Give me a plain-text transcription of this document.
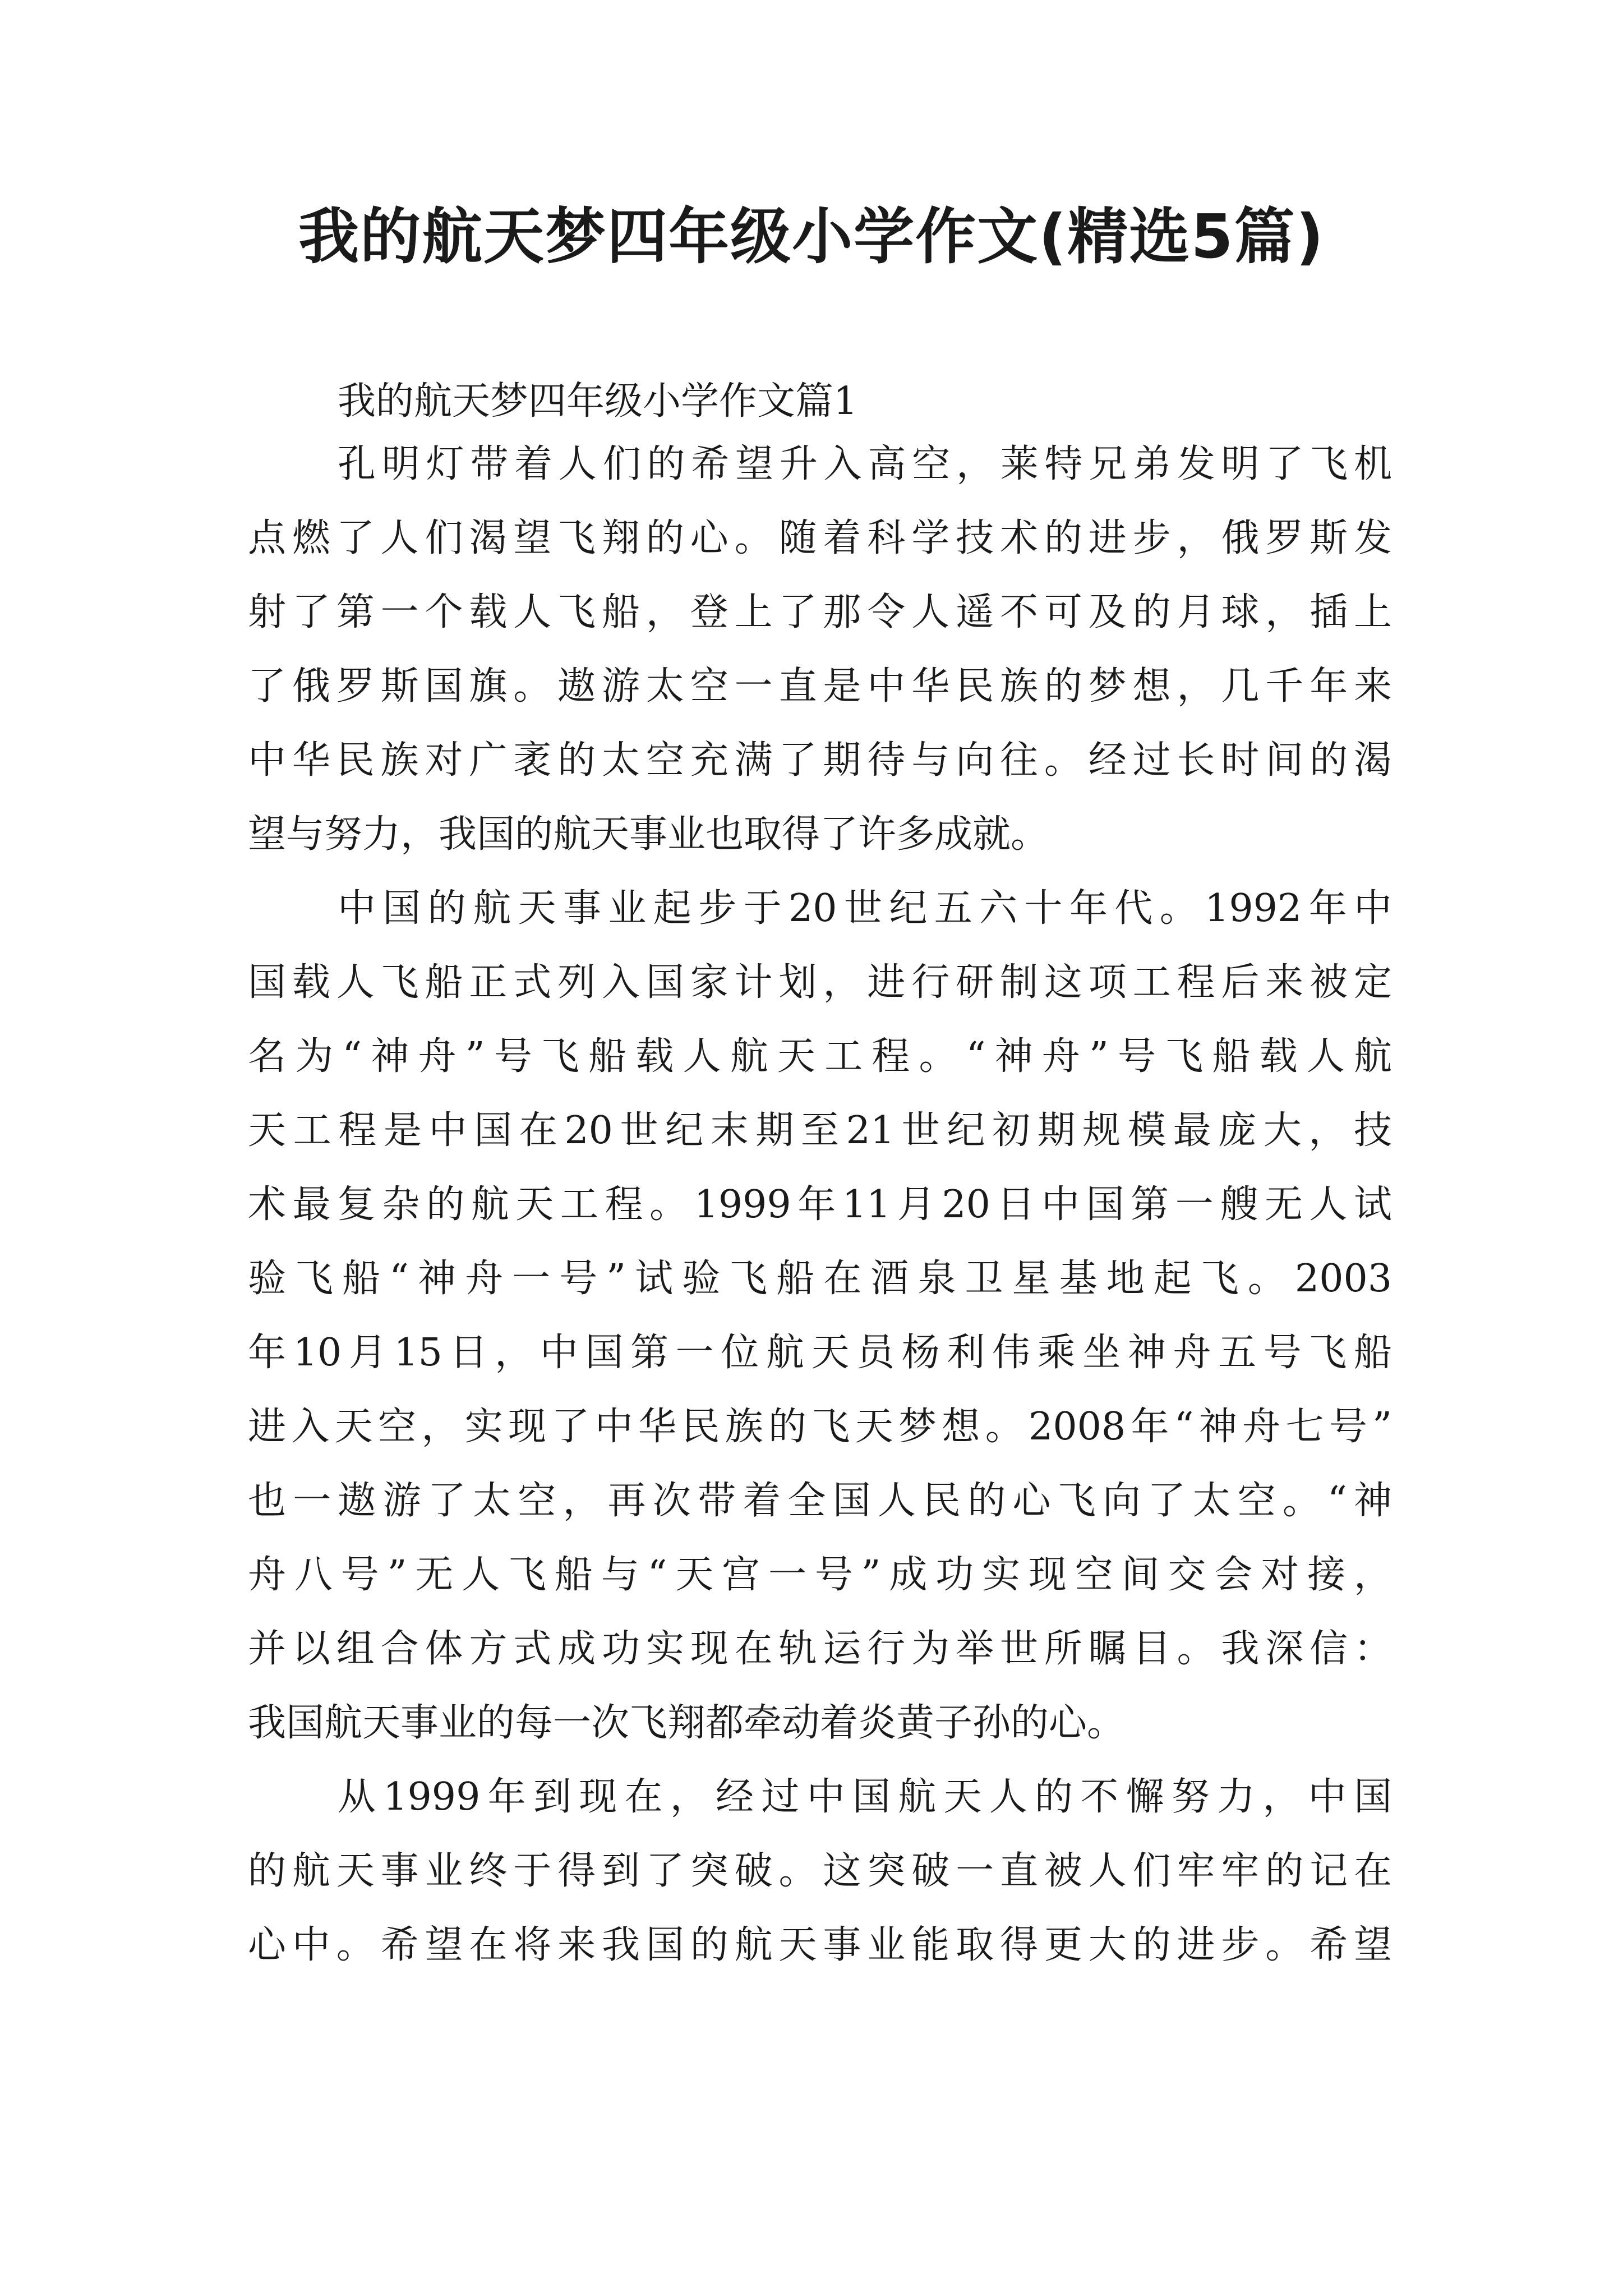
我的航天梦四年级小学作文(精选5篇)

我的航天梦四年级小学作文篇1

孔明灯带着人们的希望升入高空，莱特兄弟发明了飞机
点燃了人们渴望飞翔的心。随着科学技术的进步，俄罗斯发
射了第一个载人飞船，登上了那令人遥不可及的月球，插上
了俄罗斯国旗。遨游太空一直是中华民族的梦想，几千年来
中华民族对广袤的太空充满了期待与向往。经过长时间的渴
望与努力，我国的航天事业也取得了许多成就。
中国的航天事业起步于20世纪五六十年代。1992年中
国载人飞船正式列入国家计划，进行研制这项工程后来被定
名为“神舟”号飞船载人航天工程。“神舟”号飞船载人航
天工程是中国在20世纪末期至21世纪初期规模最庞大，技
术最复杂的航天工程。1999年11月20日中国第一艘无人试
验飞船“神舟一号”试验飞船在酒泉卫星基地起飞。2003
年10月15日，中国第一位航天员杨利伟乘坐神舟五号飞船
进入天空，实现了中华民族的飞天梦想。2008年“神舟七号”
也一遨游了太空，再次带着全国人民的心飞向了太空。“神
舟八号”无人飞船与“天宫一号”成功实现空间交会对接，
并以组合体方式成功实现在轨运行为举世所瞩目。我深信：
我国航天事业的每一次飞翔都牵动着炎黄子孙的心。
从1999年到现在，经过中国航天人的不懈努力，中国
的航天事业终于得到了突破。这突破一直被人们牢牢的记在
心中。希望在将来我国的航天事业能取得更大的进步。希望
